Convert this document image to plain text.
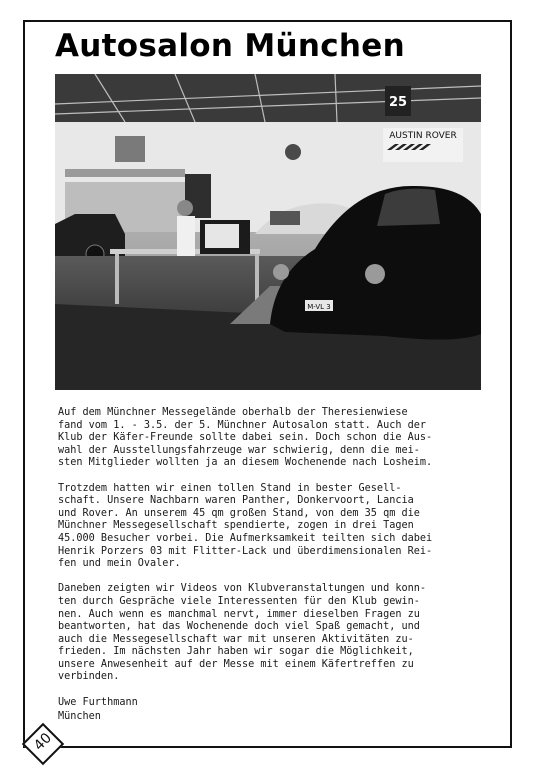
Autosalon München
25
AUSTIN ROVER
M-VL 3

Auf dem Münchner Messegelände oberhalb der Theresienwiese
fand vom 1. - 3.5. der 5. Münchner Autosalon statt. Auch der
Klub der Käfer-Freunde sollte dabei sein. Doch schon die Aus-
wahl der Ausstellungsfahrzeuge war schwierig, denn die mei-
sten Mitglieder wollten ja an diesem Wochenende nach Losheim.

Trotzdem hatten wir einen tollen Stand in bester Gesell-
schaft. Unsere Nachbarn waren Panther, Donkervoort, Lancia
und Rover. An unserem 45 qm großen Stand, von dem 35 qm die
Münchner Messegesellschaft spendierte, zogen in drei Tagen
45.000 Besucher vorbei. Die Aufmerksamkeit teilten sich dabei
Henrik Porzers 03 mit Flitter-Lack und überdimensionalen Rei-
fen und mein Ovaler.

Daneben zeigten wir Videos von Klubveranstaltungen und konn-
ten durch Gespräche viele Interessenten für den Klub gewin-
nen. Auch wenn es manchmal nervt, immer dieselben Fragen zu
beantworten, hat das Wochenende doch viel Spaß gemacht, und
auch die Messegesellschaft war mit unseren Aktivitäten zu-
frieden. Im nächsten Jahr haben wir sogar die Möglichkeit,
unsere Anwesenheit auf der Messe mit einem Käfertreffen zu
verbinden.

Uwe Furthmann
München
40
